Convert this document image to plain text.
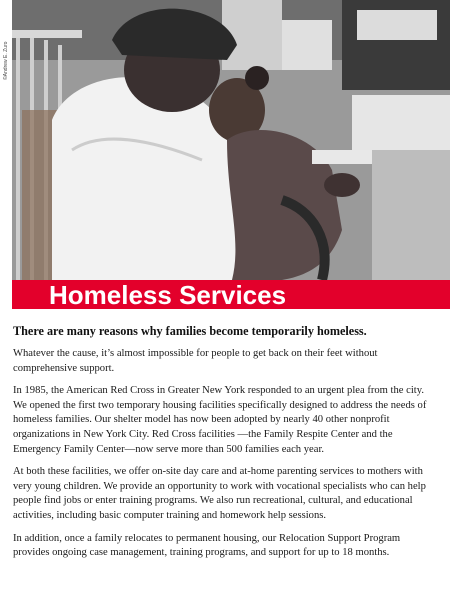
©Andrew E. Zuro
Homeless Services

There are many reasons why families become temporarily homeless.

Whatever the cause, it’s almost impossible for people to get back on their feet without comprehensive support.

In 1985, the American Red Cross in Greater New York responded to an urgent plea from the city. We opened the first two temporary housing facilities specifically designed to address the needs of homeless families. Our shelter model has now been adopted by nearly 40 other nonprofit organizations in New York City. Red Cross facilities —the Family Respite Center and the Emergency Family Center—now serve more than 500 families each year.

At both these facilities, we offer on-site day care and at-home parenting services to mothers with very young children. We provide an opportunity to work with vocational specialists who can help people find jobs or enter training programs. We also run recreational, cultural, and educational activities, including basic computer training and homework help sessions.

In addition, once a family relocates to permanent housing, our Relocation Support Program provides ongoing case management, training programs, and support for up to 18 months.
